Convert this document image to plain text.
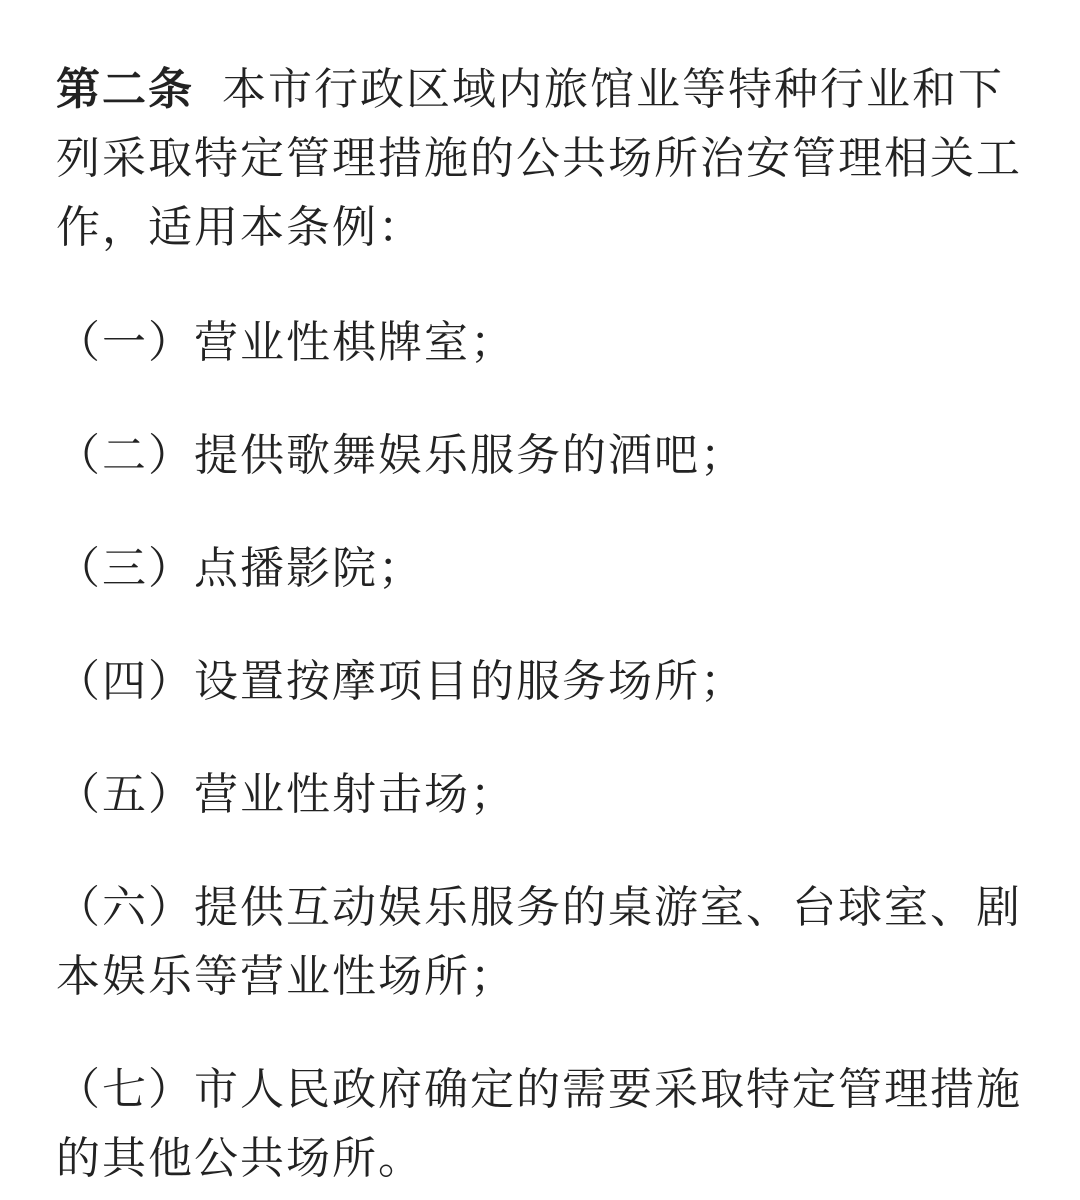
第二条 本市行政区域内旅馆业等特种行业和下列采取特定管理措施的公共场所治安管理相关工作，适用本条例：

（一）营业性棋牌室；

（二）提供歌舞娱乐服务的酒吧；

（三）点播影院；

（四）设置按摩项目的服务场所；

（五）营业性射击场；

（六）提供互动娱乐服务的桌游室、台球室、剧本娱乐等营业性场所；

（七）市人民政府确定的需要采取特定管理措施的其他公共场所。
